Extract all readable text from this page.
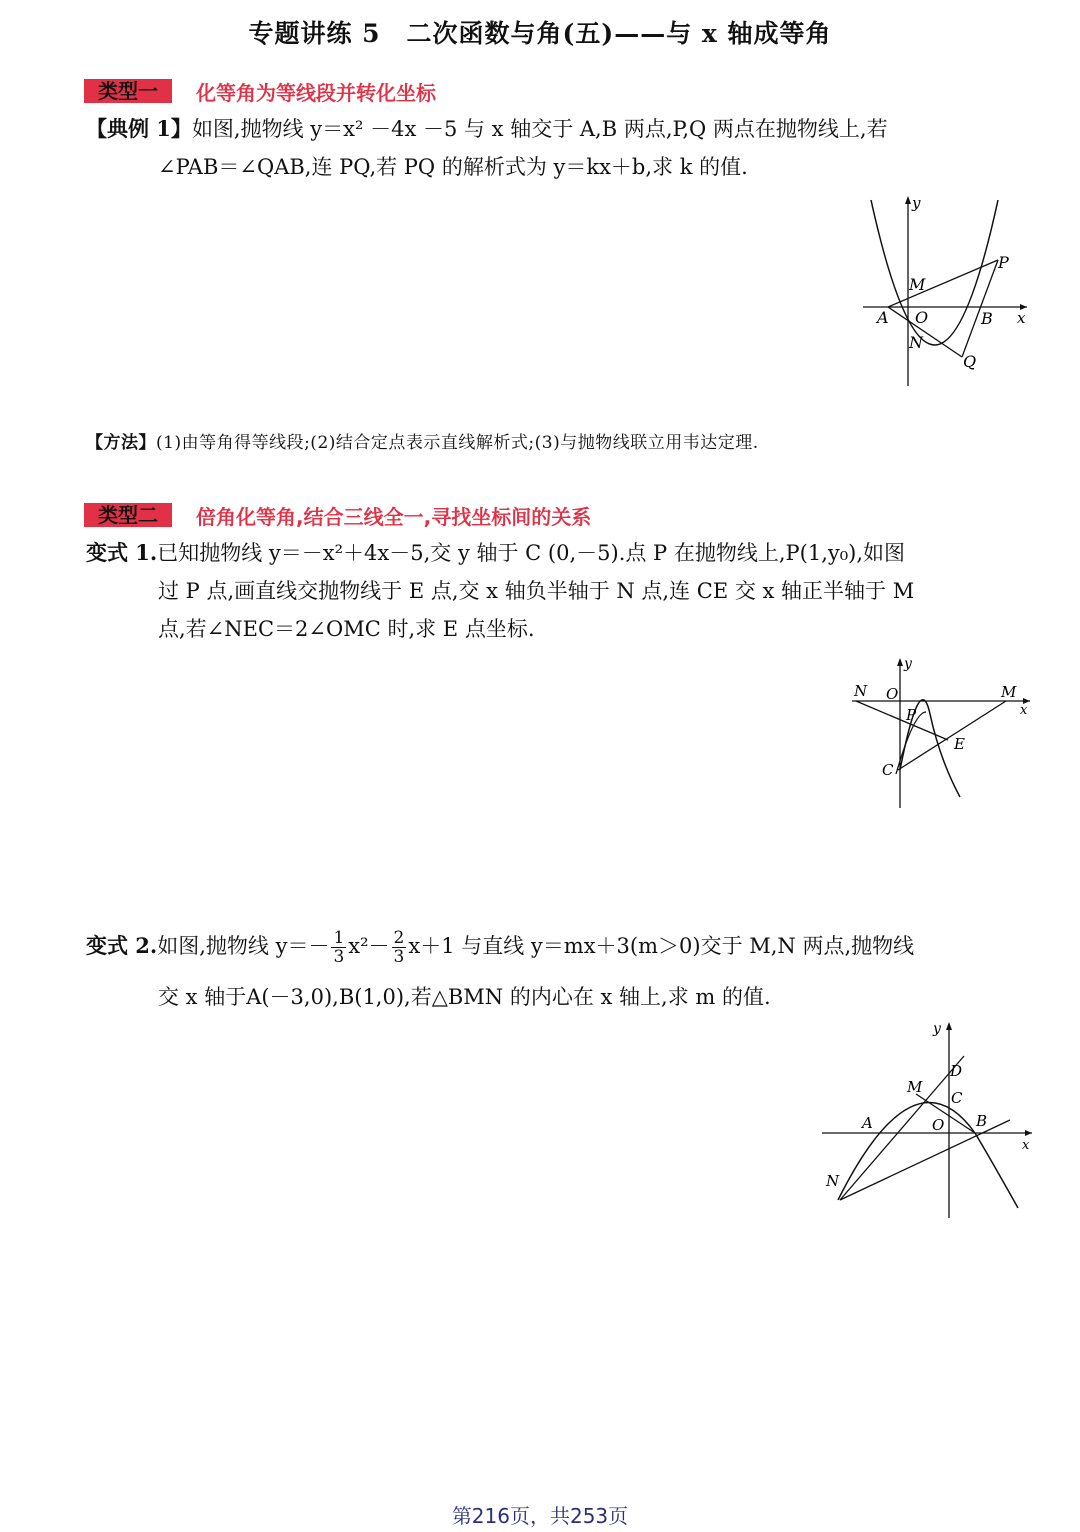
专题讲练 5　二次函数与角(五)——与 x 轴成等角
类型一	化等角为等线段并转化坐标
【典例 1】如图,抛物线 y＝x² －4x －5 与 x 轴交于 A,B 两点,P,Q 两点在抛物线上,若
∠PAB＝∠QAB,连 PQ,若 PQ 的解析式为 y＝kx＋b,求 k 的值.
y
P
M
A O	B x
N
Q
【方法】(1)由等角得等线段;(2)结合定点表示直线解析式;(3)与抛物线联立用韦达定理.
类型二	倍角化等角,结合三线全一,寻找坐标间的关系
变式 1.已知抛物线 y＝－x²＋4x－5,交 y 轴于 C (0,－5).点 P 在抛物线上,P(1,y₀),如图
过 P 点,画直线交抛物线于 E 点,交 x 轴负半轴于 N 点,连 CE 交 x 轴正半轴于 M
点,若∠NEC＝2∠OMC 时,求 E 点坐标.
y
N O	M
x
P
E
C
变式 2.如图,抛物线 $y=- \frac{1}{3} x^2- \frac{2}{3} x+1$ 与直线 y＝mx＋3(m＞0)交于 M,N 两点,抛物线
交 x 轴于A(－3,0),B(1,0),若△BMN 的内心在 x 轴上,求 m 的值.
y
D
M
C
A	O B
x
N
第216页，共253页
